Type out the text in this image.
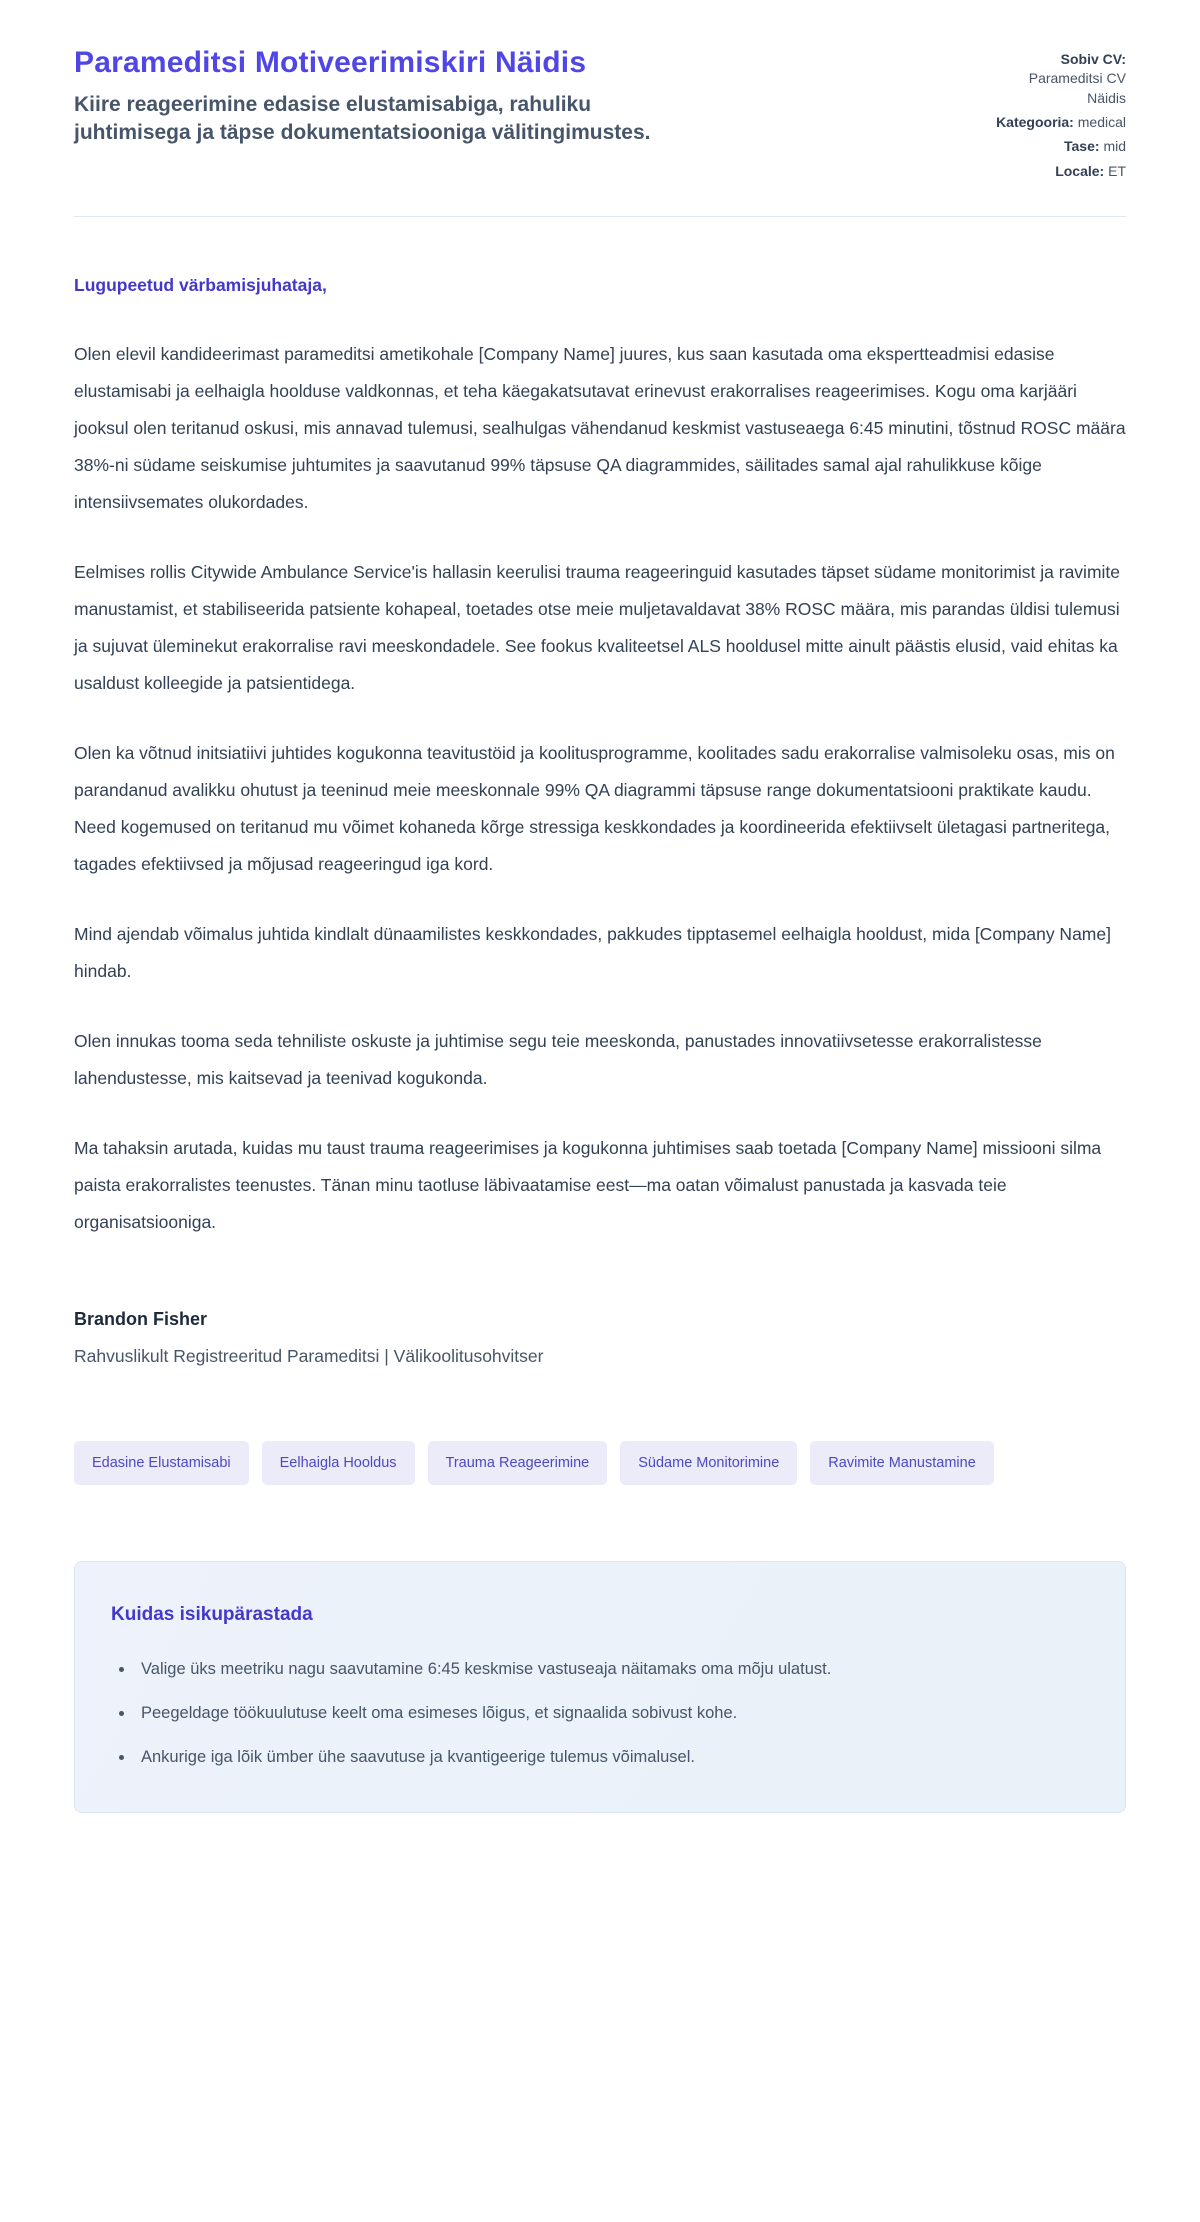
Parameditsi Motiveerimiskiri Näidis
Kiire reageerimine edasise elustamisabiga, rahuliku juhtimisega ja täpse dokumentatsiooniga välitingimustes.
Sobiv CV: Parameditsi CV Näidis
Kategooria: medical
Tase: mid
Locale: ET

Lugupeetud värbamisjuhataja,

Olen elevil kandideerimast parameditsi ametikohale [Company Name] juures, kus saan kasutada oma ekspertteadmisi edasise elustamisabi ja eelhaigla hoolduse valdkonnas, et teha käegakatsutavat erinevust erakorralises reageerimises. Kogu oma karjääri jooksul olen teritanud oskusi, mis annavad tulemusi, sealhulgas vähendanud keskmist vastuseaega 6:45 minutini, tõstnud ROSC määra 38%-ni südame seiskumise juhtumites ja saavutanud 99% täpsuse QA diagrammides, säilitades samal ajal rahulikkuse kõige intensiivsemates olukordades.

Eelmises rollis Citywide Ambulance Service'is hallasin keerulisi trauma reageeringuid kasutades täpset südame monitorimist ja ravimite manustamist, et stabiliseerida patsiente kohapeal, toetades otse meie muljetavaldavat 38% ROSC määra, mis parandas üldisi tulemusi ja sujuvat üleminekut erakorralise ravi meeskondadele. See fookus kvaliteetsel ALS hooldusel mitte ainult päästis elusid, vaid ehitas ka usaldust kolleegide ja patsientidega.

Olen ka võtnud initsiatiivi juhtides kogukonna teavitustöid ja koolitusprogramme, koolitades sadu erakorralise valmisoleku osas, mis on parandanud avalikku ohutust ja teeninud meie meeskonnale 99% QA diagrammi täpsuse range dokumentatsiooni praktikate kaudu. Need kogemused on teritanud mu võimet kohaneda kõrge stressiga keskkondades ja koordineerida efektiivselt ületagasi partneritega, tagades efektiivsed ja mõjusad reageeringud iga kord.

Mind ajendab võimalus juhtida kindlalt dünaamilistes keskkondades, pakkudes tipptasemel eelhaigla hooldust, mida [Company Name] hindab.

Olen innukas tooma seda tehniliste oskuste ja juhtimise segu teie meeskonda, panustades innovatiivsetesse erakorralistesse lahendustesse, mis kaitsevad ja teenivad kogukonda.

Ma tahaksin arutada, kuidas mu taust trauma reageerimises ja kogukonna juhtimises saab toetada [Company Name] missiooni silma paista erakorralistes teenustes. Tänan minu taotluse läbivaatamise eest—ma oatan võimalust panustada ja kasvada teie organisatsiooniga.

Brandon Fisher
Rahvuslikult Registreeritud Parameditsi | Välikoolitusohvitser
Edasine Elustamisabi	Eelhaigla Hooldus	Trauma Reageerimine	Südame Monitorimine	Ravimite Manustamine
Kuidas isikupärastada
• Valige üks meetriku nagu saavutamine 6:45 keskmise vastuseaja näitamaks oma mõju ulatust.
• Peegeldage töökuulutuse keelt oma esimeses lõigus, et signaalida sobivust kohe.
• Ankurige iga lõik ümber ühe saavutuse ja kvantigeerige tulemus võimalusel.
